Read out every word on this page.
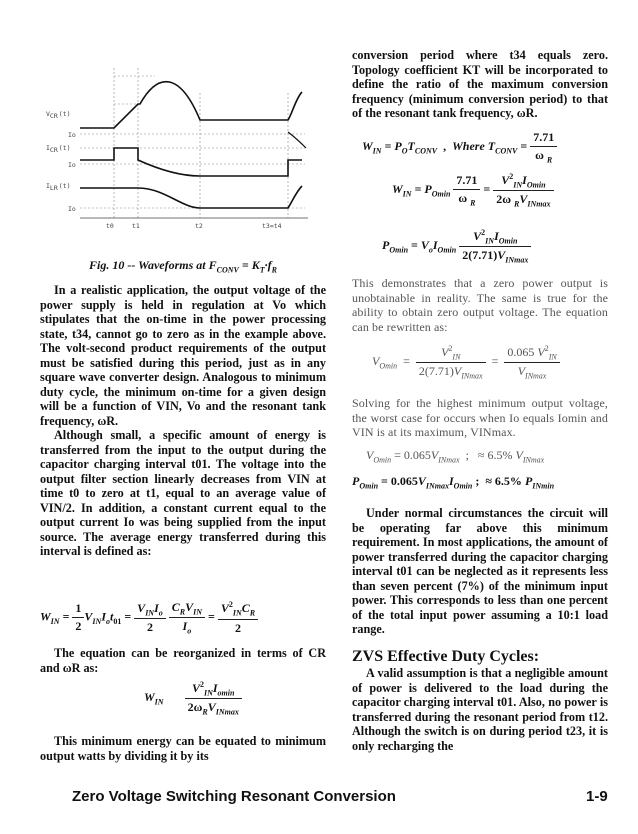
VCR(t)
Io
ICR(t)
Io
ILR(t)
Io
t0	t1	t2	t3=t4
Fig. 10 -- Waveforms at $F_{CONV} = K_T\cdot f_R$

In a realistic application, the output voltage of the power supply is held in regulation at Vo which stipulates that the on-time in the power processing state, t34, cannot go to zero as in the example above. The volt-second product requirements of the output must be satisfied during this period, just as in any square wave converter design. Analogous to minimum duty cycle, the minimum on-time for a given design will be a function of VIN, Vo and the resonant tank frequency, ωR.

Although small, a specific amount of energy is transferred from the input to the output during the capacitor charging interval t01. The voltage into the output filter section linearly decreases from VIN at time t0 to zero at t1, equal to an average value of VIN/2. In addition, a constant current equal to the output current Io was being supplied from the input source. The average energy transferred during this interval is defined as:

$W_{IN} = \frac{1}{2} V_{IN}I_ot_{01} = \frac{V_{IN}I_o}{2}$
$\frac{C_RV_{IN}}{I_o} = \frac{V^2_{IN}C_R}{2}$

The equation can be reorganized in terms of CR and ωR as:

$W_{IN} \frac{V^2_{IN}I_{omin}}{2\omega_RV_{INmax}}$

This minimum energy can be equated to minimum output watts by dividing it by its

conversion period where t34 equals zero. Topology coefficient KT will be incorporated to define the ratio of the maximum conversion frequency (minimum conversion period) to that of the resonant tank frequency, ωR.

$W_{IN} = P_OT_{CONV}$  ,  Where $T_{CONV} = \frac{7.71}{\omega _R}$
$W_{IN} = P_{Omin} \frac{7.71}{\omega _R} = \frac{V^2_{IN}I_{Omin}}{2\omega _RV_{INmax}}$
$P_{Omin} = V_oI_{Omin} \frac{V^2_{IN}I_{Omin}}{2(7.71)V_{INmax}}$

This demonstrates that a zero power output is unobtainable in reality. The same is true for the ability to obtain zero output voltage. The equation can be rewritten as:

$V_{Omin} = \frac{V^2_{IN}}{2(7.71)V_{INmax}} = \frac{0.065 V^2_{IN}}{V_{INmax}}$

Solving for the highest minimum output voltage, the worst case for occurs when Io equals Iomin and VIN is at its maximum, VINmax.

$V_{Omin} = 0.065V_{INmax}$  ;   ≈ 6.5% $V_{INmax}$
$P_{Omin} = 0.065V_{INmax}I_{Omin}$ ;  ≈ 6.5% $P_{INmin}$

Under normal circumstances the circuit will be operating far above this minimum requirement. In most applications, the amount of power transferred during the capacitor charging interval t01 can be neglected as it represents less than seven percent (7%) of the minimum input power. This corresponds to less than one percent of the total input power assuming a 10:1 load range.

ZVS Effective Duty Cycles:

A valid assumption is that a negligible amount of power is delivered to the load during the capacitor charging interval t01. Also, no power is transferred during the resonant period from t12. Although the switch is on during period t23, it is only recharging the

Zero Voltage Switching Resonant Conversion	1-9
